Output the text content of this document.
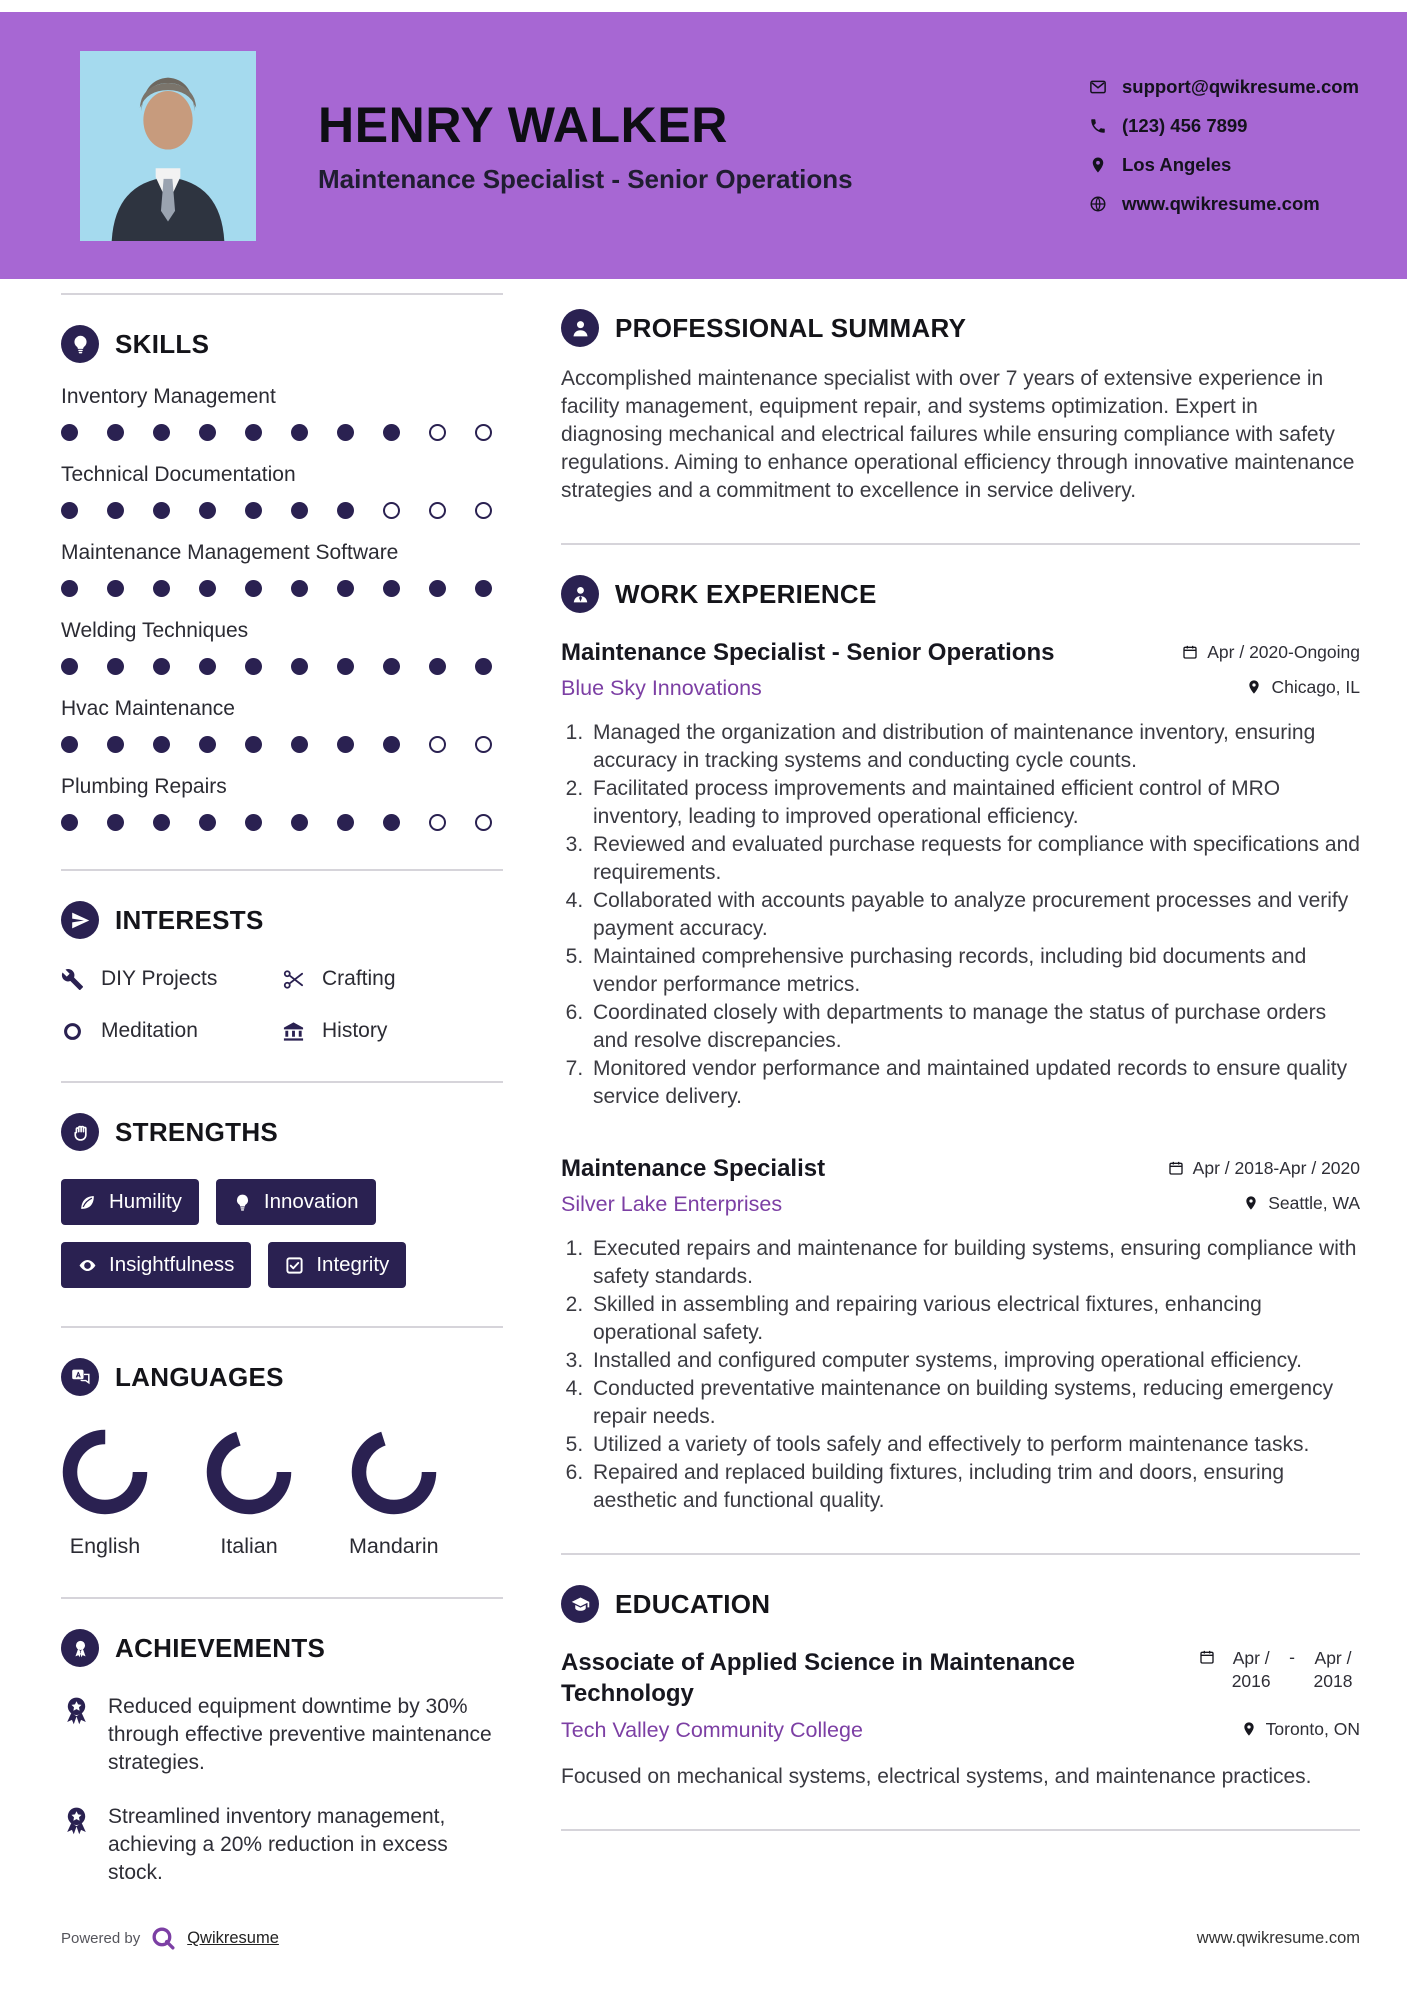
HENRY WALKER
Maintenance Specialist - Senior Operations
support@qwikresume.com
(123) 456 7899
Los Angeles
www.qwikresume.com
SKILLS
Inventory Management
Technical Documentation
Maintenance Management Software
Welding Techniques
Hvac Maintenance
Plumbing Repairs
INTERESTS
DIY Projects	Crafting
Meditation	History
STRENGTHS
Humility	Innovation
Insightfulness	Integrity
LANGUAGES
English	Italian	Mandarin
ACHIEVEMENTS

Reduced equipment downtime by 30% through effective preventive maintenance strategies.

Streamlined inventory management, achieving a 20% reduction in excess stock.

PROFESSIONAL SUMMARY

Accomplished maintenance specialist with over 7 years of extensive experience in facility management, equipment repair, and systems optimization. Expert in diagnosing mechanical and electrical failures while ensuring compliance with safety regulations. Aiming to enhance operational efficiency through innovative maintenance strategies and a commitment to excellence in service delivery.

WORK EXPERIENCE
Maintenance Specialist - Senior Operations	Apr / 2020-Ongoing
Blue Sky Innovations	Chicago, IL
1. Managed the organization and distribution of maintenance inventory, ensuring accuracy in tracking systems and conducting cycle counts.
2. Facilitated process improvements and maintained efficient control of MRO inventory, leading to improved operational efficiency.
3. Reviewed and evaluated purchase requests for compliance with specifications and requirements.
4. Collaborated with accounts payable to analyze procurement processes and verify payment accuracy.
5. Maintained comprehensive purchasing records, including bid documents and vendor performance metrics.
6. Coordinated closely with departments to manage the status of purchase orders and resolve discrepancies.
7. Monitored vendor performance and maintained updated records to ensure quality service delivery.
Maintenance Specialist	Apr / 2018-Apr / 2020
Silver Lake Enterprises	Seattle, WA
1. Executed repairs and maintenance for building systems, ensuring compliance with safety standards.
2. Skilled in assembling and repairing various electrical fixtures, enhancing operational safety.
3. Installed and configured computer systems, improving operational efficiency.
4. Conducted preventative maintenance on building systems, reducing emergency repair needs.
5. Utilized a variety of tools safely and effectively to perform maintenance tasks.
6. Repaired and replaced building fixtures, including trim and doors, ensuring aesthetic and functional quality.
EDUCATION
Associate of Applied Science in Maintenance Technology
Apr / 2016
-	Apr / 2018
Tech Valley Community College	Toronto, ON

Focused on mechanical systems, electrical systems, and maintenance practices.

Powered by	Qwikresume	www.qwikresume.com
